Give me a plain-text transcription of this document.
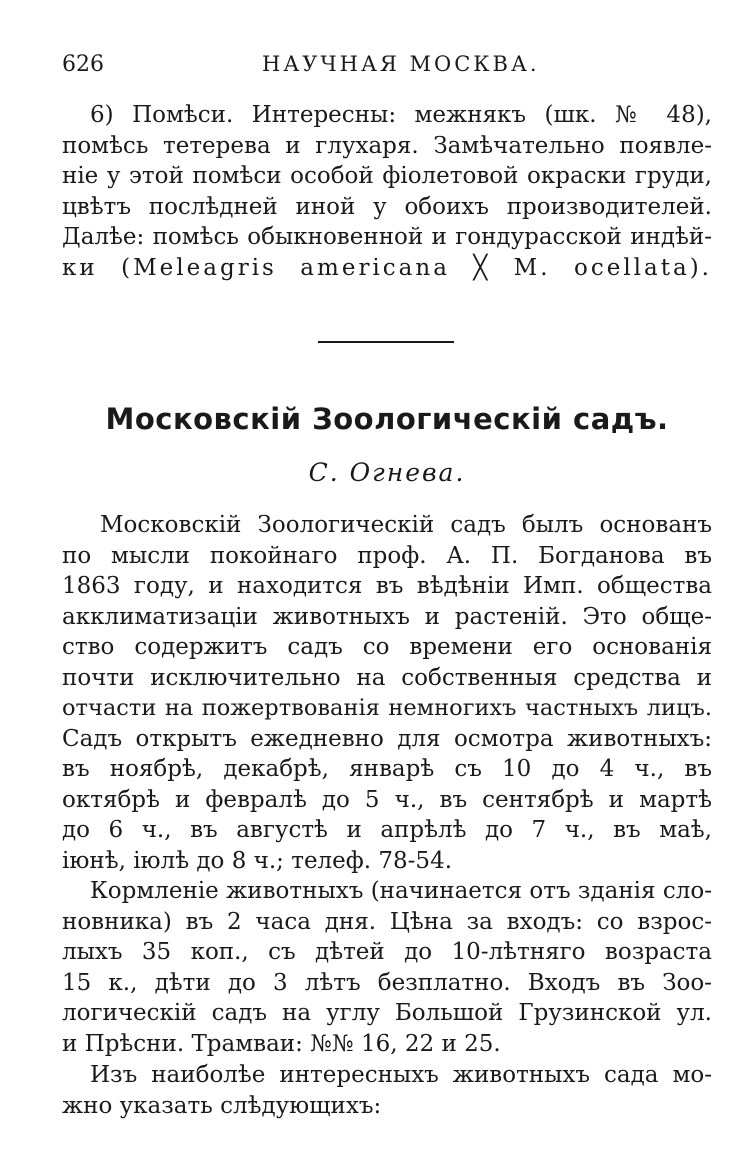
626	НАУЧНАЯ МОСКВА.
6) Помѣси. Интересны: межнякъ (шк. № 48),
помѣсь тетерева и глухаря. Замѣчательно появле-
ніе у этой помѣси особой фіолетовой окраски груди,
цвѣтъ послѣдней иной у обоихъ производителей.
Далѣе: помѣсь обыкновенной и гондурасской индѣй-
ки (Meleagris americana ╳ M. ocellata).
Московскій Зоологическій садъ.
С. Огнева.
Московскій Зоологическій садъ былъ основанъ
по мысли покойнаго проф. А. П. Богданова въ
1863 году, и находится въ вѣдѣніи Имп. общества
акклиматизаціи животныхъ и растеній. Это обще-
ство содержитъ садъ со времени его основанія
почти исключительно на собственныя средства и
отчасти на пожертвованія немногихъ частныхъ лицъ.
Садъ открытъ ежедневно для осмотра животныхъ:
въ ноябрѣ, декабрѣ, январѣ съ 10 до 4 ч., въ
октябрѣ и февралѣ до 5 ч., въ сентябрѣ и мартѣ
до 6 ч., въ августѣ и апрѣлѣ до 7 ч., въ маѣ,
іюнѣ, іюлѣ до 8 ч.; телеф. 78-54.
Кормленіе животныхъ (начинается отъ зданія сло-
новника) въ 2 часа дня. Цѣна за входъ: со взрос-
лыхъ 35 коп., съ дѣтей до 10-лѣтняго возраста
15 к., дѣти до 3 лѣтъ безплатно. Входъ въ Зоо-
логическій садъ на углу Большой Грузинской ул.
и Прѣсни. Трамваи: №№ 16, 22 и 25.
Изъ наиболѣе интересныхъ животныхъ сада мо-
жно указать слѣдующихъ:
